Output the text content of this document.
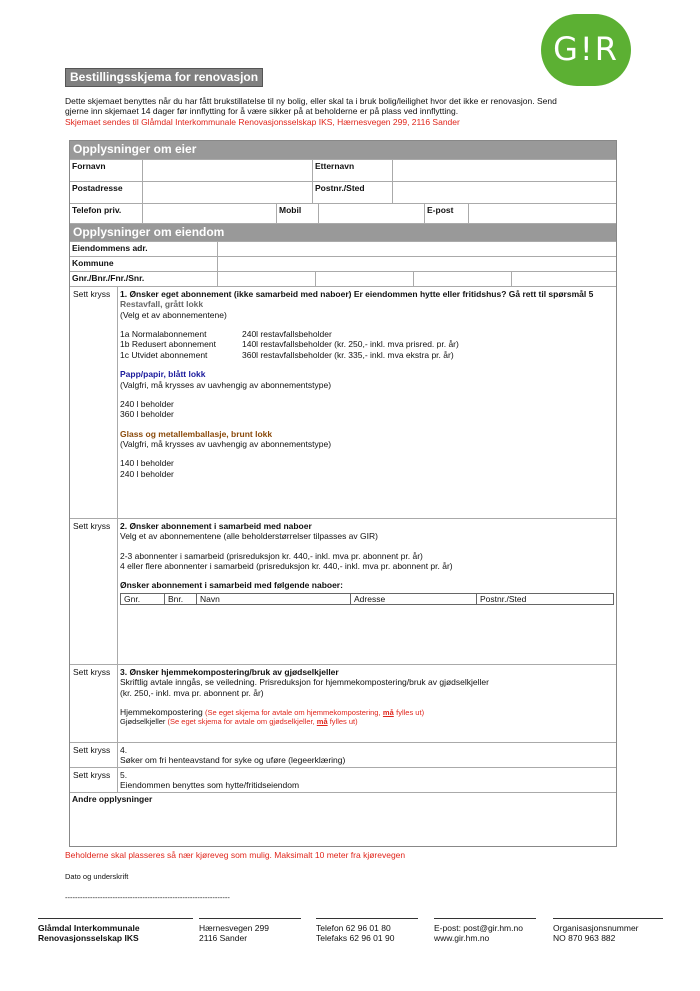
G!R
Bestillingsskjema for renovasjon
Dette skjemaet benyttes når du har fått brukstillatelse til ny bolig, eller skal ta i bruk bolig/leilighet hvor det ikke er renovasjon. Send
gjerne inn skjemaet 14 dager før innflytting for å være sikker på at beholderne er på plass ved innflytting.
Skjemaet sendes til Glåmdal Interkommunale Renovasjonsselskap IKS, Hærnesvegen 299, 2116 Sander
Opplysninger om eier
Fornavn	Etternavn
Postadresse	Postnr./Sted
Telefon priv.	Mobil	E-post
Opplysninger om eiendom
Eiendommens adr.
Kommune
Gnr./Bnr./Fnr./Snr.
Sett kryss	1. Ønsker eget abonnement (ikke samarbeid med naboer) Er eiendommen hytte eller fritidshus? Gå rett til spørsmål 5
Restavfall, grått lokk
(Velg et av abonnementene)
1a Normalabonnement	240l restavfallsbeholder
1b Redusert abonnement	140l restavfallsbeholder (kr. 250,- inkl. mva prisred. pr. år)
1c Utvidet abonnement	360l restavfallsbeholder (kr. 335,- inkl. mva ekstra pr. år)
Papp/papir, blått lokk
(Valgfri, må krysses av uavhengig av abonnementstype)
240 l beholder
360 l beholder
Glass og metallemballasje, brunt lokk
(Valgfri, må krysses av uavhengig av abonnementstype)
140 l beholder
240 l beholder
Sett kryss	2. Ønsker abonnement i samarbeid med naboer
Velg et av abonnementene (alle beholderstørrelser tilpasses av GIR)
2-3 abonnenter i samarbeid (prisreduksjon kr. 440,- inkl. mva pr. abonnent pr. år)
4 eller flere abonnenter i samarbeid (prisreduksjon kr. 440,- inkl. mva pr. abonnent pr. år)
Ønsker abonnement i samarbeid med følgende naboer:
Gnr.	Bnr.	Navn	Adresse	Postnr./Sted
Sett kryss	3. Ønsker hjemmekompostering/bruk av gjødselkjeller
Skriftlig avtale inngås, se veiledning. Prisreduksjon for hjemmekompostering/bruk av gjødselkjeller
(kr. 250,- inkl. mva pr. abonnent pr. år)
Hjemmekompostering (Se eget skjema for avtale om hjemmekompostering, må fylles ut)
Gjødselkjeller (Se eget skjema for avtale om gjødselkjeller, må fylles ut)
Sett kryss	4.
Søker om fri henteavstand for syke og uføre (legeerklæring)
Sett kryss	5.
Eiendommen benyttes som hytte/fritidseiendom
Andre opplysninger
Beholderne skal plasseres så nær kjøreveg som mulig. Maksimalt 10 meter fra kjørevegen
Dato og underskrift
------------------------------------------------------------------
Glåmdal Interkommunale
Renovasjonsselskap IKS
Hærnesvegen 299
2116 Sander
Telefon 62 96 01 80
Telefaks 62 96 01 90
E-post: post@gir.hm.no
www.gir.hm.no
Organisasjonsnummer
NO 870 963 882
